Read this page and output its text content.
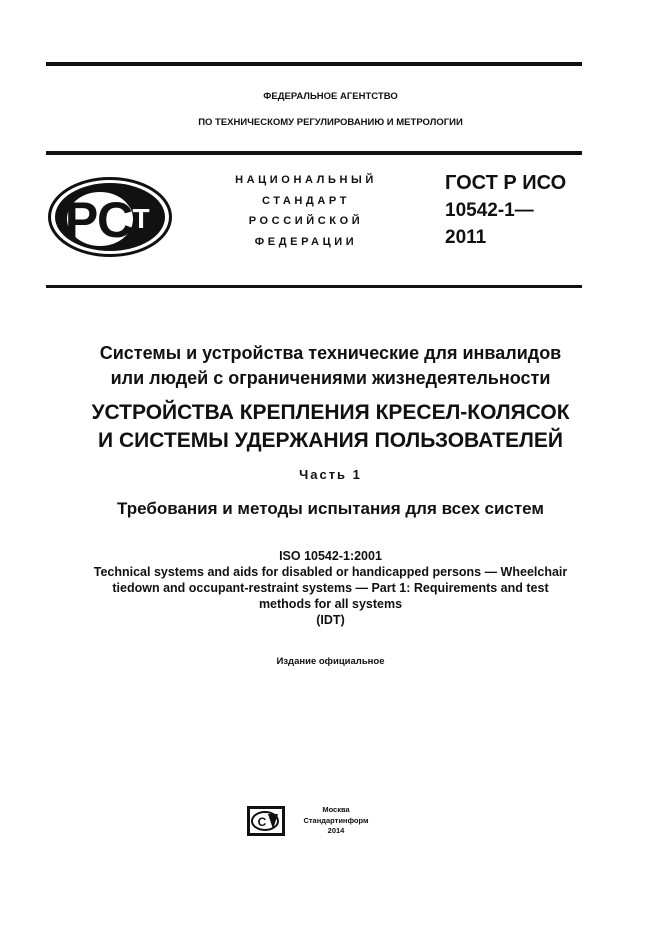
ФЕДЕРАЛЬНОЕ АГЕНТСТВО
ПО ТЕХНИЧЕСКОМУ РЕГУЛИРОВАНИЮ И МЕТРОЛОГИИ
РС Т
НАЦИОНАЛЬНЫЙ
СТАНДАРТ
РОССИЙСКОЙ
ФЕДЕРАЦИИ
ГОСТ Р ИСО
10542-1—
2011
Системы и устройства технические для инвалидов
или людей с ограничениями жизнедеятельности
УСТРОЙСТВА КРЕПЛЕНИЯ КРЕСЕЛ-КОЛЯСОК
И СИСТЕМЫ УДЕРЖАНИЯ ПОЛЬЗОВАТЕЛЕЙ
Часть 1
Требования и методы испытания для всех систем
ISO 10542-1:2001
Technical systems and aids for disabled or handicapped persons — Wheelchair
tiedown and occupant-restraint systems — Part 1: Requirements and test
methods for all systems
(IDT)
Издание официальное
С
Москва
Стандартинформ
2014
